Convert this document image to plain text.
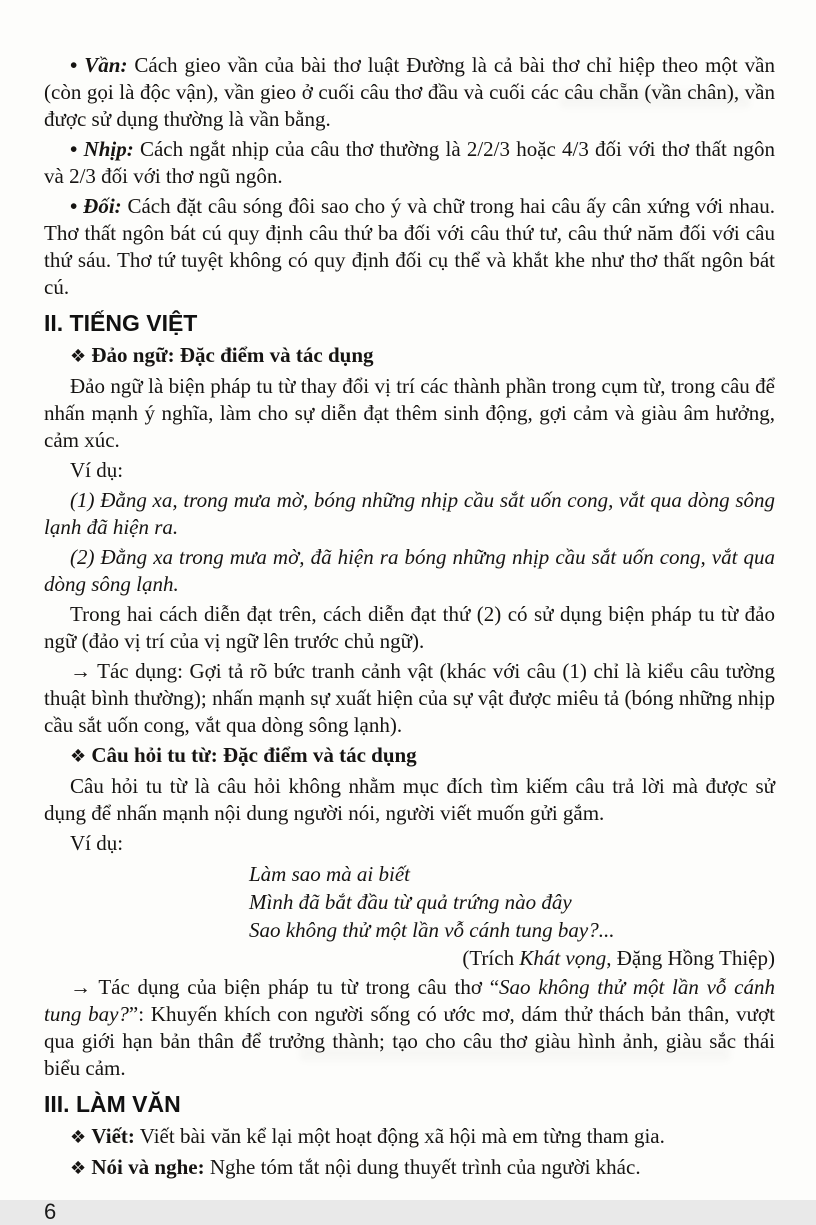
• Vần: Cách gieo vần của bài thơ luật Đường là cả bài thơ chỉ hiệp theo một vần (còn gọi là độc vận), vần gieo ở cuối câu thơ đầu và cuối các câu chẵn (vần chân), vần được sử dụng thường là vần bằng.

• Nhịp: Cách ngắt nhịp của câu thơ thường là 2/2/3 hoặc 4/3 đối với thơ thất ngôn và 2/3 đối với thơ ngũ ngôn.

• Đối: Cách đặt câu sóng đôi sao cho ý và chữ trong hai câu ấy cân xứng với nhau. Thơ thất ngôn bát cú quy định câu thứ ba đối với câu thứ tư, câu thứ năm đối với câu thứ sáu. Thơ tứ tuyệt không có quy định đối cụ thể và khắt khe như thơ thất ngôn bát cú.

II. TIẾNG VIỆT

❖ Đảo ngữ: Đặc điểm và tác dụng

Đảo ngữ là biện pháp tu từ thay đổi vị trí các thành phần trong cụm từ, trong câu để nhấn mạnh ý nghĩa, làm cho sự diễn đạt thêm sinh động, gợi cảm và giàu âm hưởng, cảm xúc.

Ví dụ:

(1) Đằng xa, trong mưa mờ, bóng những nhịp cầu sắt uốn cong, vắt qua dòng sông lạnh đã hiện ra.

(2) Đằng xa trong mưa mờ, đã hiện ra bóng những nhịp cầu sắt uốn cong, vắt qua dòng sông lạnh.

Trong hai cách diễn đạt trên, cách diễn đạt thứ (2) có sử dụng biện pháp tu từ đảo ngữ (đảo vị trí của vị ngữ lên trước chủ ngữ).

→ Tác dụng: Gợi tả rõ bức tranh cảnh vật (khác với câu (1) chỉ là kiểu câu tường thuật bình thường); nhấn mạnh sự xuất hiện của sự vật được miêu tả (bóng những nhịp cầu sắt uốn cong, vắt qua dòng sông lạnh).

❖ Câu hỏi tu từ: Đặc điểm và tác dụng

Câu hỏi tu từ là câu hỏi không nhằm mục đích tìm kiếm câu trả lời mà được sử dụng để nhấn mạnh nội dung người nói, người viết muốn gửi gắm.

Ví dụ:

Làm sao mà ai biết
Mình đã bắt đầu từ quả trứng nào đây
Sao không thử một lần vỗ cánh tung bay?...

(Trích Khát vọng, Đặng Hồng Thiệp)

→ Tác dụng của biện pháp tu từ trong câu thơ “Sao không thử một lần vỗ cánh tung bay?”: Khuyến khích con người sống có ước mơ, dám thử thách bản thân, vượt qua giới hạn bản thân để trưởng thành; tạo cho câu thơ giàu hình ảnh, giàu sắc thái biểu cảm.

III. LÀM VĂN

❖ Viết: Viết bài văn kể lại một hoạt động xã hội mà em từng tham gia.

❖ Nói và nghe: Nghe tóm tắt nội dung thuyết trình của người khác.

6
